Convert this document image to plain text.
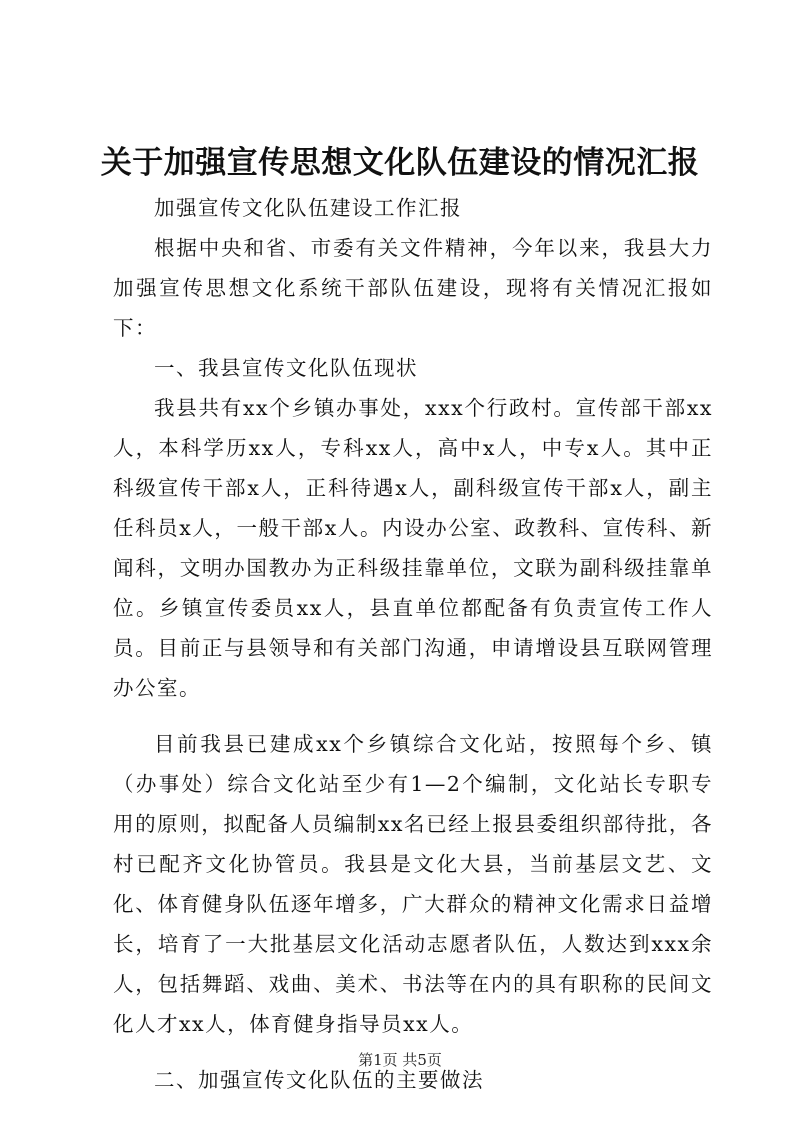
关于加强宣传思想文化队伍建设的情况汇报

加强宣传文化队伍建设工作汇报

根据中央和省、市委有关文件精神，今年以来，我县大力加强宣传思想文化系统干部队伍建设，现将有关情况汇报如下：

一、我县宣传文化队伍现状

我县共有xx个乡镇办事处，xxx个行政村。宣传部干部xx人，本科学历xx人，专科xx人，高中x人，中专x人。其中正科级宣传干部x人，正科待遇x人，副科级宣传干部x人，副主任科员x人，一般干部x人。内设办公室、政教科、宣传科、新闻科，文明办国教办为正科级挂靠单位，文联为副科级挂靠单位。乡镇宣传委员xx人，县直单位都配备有负责宣传工作人员。目前正与县领导和有关部门沟通，申请增设县互联网管理办公室。

目前我县已建成xx个乡镇综合文化站，按照每个乡、镇（办事处）综合文化站至少有1—2个编制，文化站长专职专用的原则，拟配备人员编制xx名已经上报县委组织部待批，各村已配齐文化协管员。我县是文化大县，当前基层文艺、文化、体育健身队伍逐年增多，广大群众的精神文化需求日益增长，培育了一大批基层文化活动志愿者队伍，人数达到xxx余人，包括舞蹈、戏曲、美术、书法等在内的具有职称的民间文化人才xx人，体育健身指导员xx人。

二、加强宣传文化队伍的主要做法

第1页 共5页
